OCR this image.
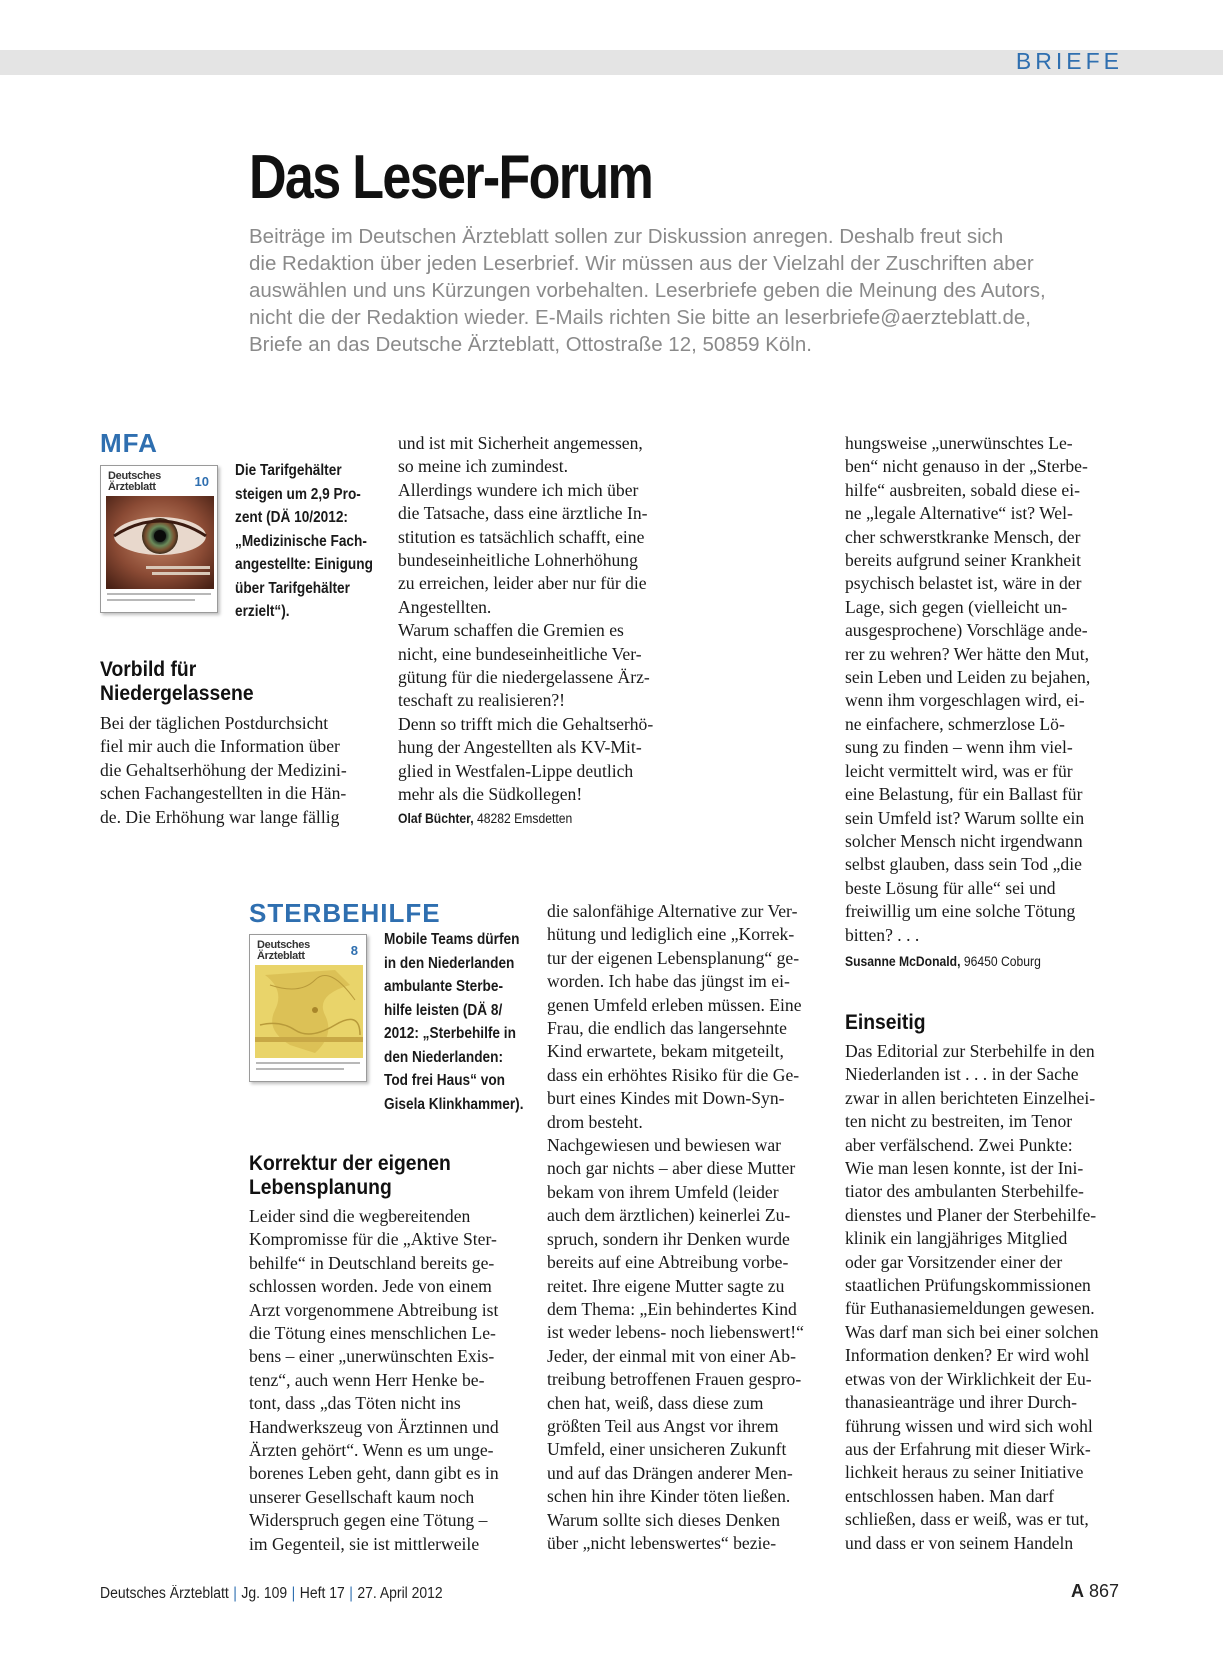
BRIEFE
Das Leser-Forum
Beiträge im Deutschen Ärzteblatt sollen zur Diskussion anregen. Deshalb freut sich
die Redaktion über jeden Leserbrief. Wir müssen aus der Vielzahl der Zuschriften aber
auswählen und uns Kürzungen vorbehalten. Leserbriefe geben die Meinung des Autors,
nicht die der Redaktion wieder. E-Mails richten Sie bitte an leserbriefe@aerzteblatt.de,
Briefe an das Deutsche Ärzteblatt, Ottostraße 12, 50859 Köln.
MFA
Deutsches
Ärzteblatt	10
Die Tarifgehälter
steigen um 2,9 Pro-
zent (DÄ 10/2012:
„Medizinische Fach-
angestellte: Einigung
über Tarifgehälter
erzielt“).
Vorbild für
Niedergelassene
Bei der täglichen Postdurchsicht
fiel mir auch die Information über
die Gehaltserhöhung der Medizini-
schen Fachangestellten in die Hän-
de. Die Erhöhung war lange fällig
und ist mit Sicherheit angemessen,
so meine ich zumindest.
Allerdings wundere ich mich über
die Tatsache, dass eine ärztliche In-
stitution es tatsächlich schafft, eine
bundeseinheitliche Lohnerhöhung
zu erreichen, leider aber nur für die
Angestellten.
Warum schaffen die Gremien es
nicht, eine bundeseinheitliche Ver-
gütung für die niedergelassene Ärz-
teschaft zu realisieren?!
Denn so trifft mich die Gehaltserhö-
hung der Angestellten als KV-Mit-
glied in Westfalen-Lippe deutlich
mehr als die Südkollegen!
Olaf Büchter, 48282 Emsdetten
hungsweise „unerwünschtes Le-
ben“ nicht genauso in der „Sterbe-
hilfe“ ausbreiten, sobald diese ei-
ne „legale Alternative“ ist? Wel-
cher schwerstkranke Mensch, der
bereits aufgrund seiner Krankheit
psychisch belastet ist, wäre in der
Lage, sich gegen (vielleicht un-
ausgesprochene) Vorschläge ande-
rer zu wehren? Wer hätte den Mut,
sein Leben und Leiden zu bejahen,
wenn ihm vorgeschlagen wird, ei-
ne einfachere, schmerzlose Lö-
sung zu finden – wenn ihm viel-
leicht vermittelt wird, was er für
eine Belastung, für ein Ballast für
sein Umfeld ist? Warum sollte ein
solcher Mensch nicht irgendwann
selbst glauben, dass sein Tod „die
beste Lösung für alle“ sei und
freiwillig um eine solche Tötung
bitten? . . .
Susanne McDonald, 96450 Coburg
STERBEHILFE
Deutsches
Ärzteblatt	8
Mobile Teams dürfen
in den Niederlanden
ambulante Sterbe-
hilfe leisten (DÄ 8/
2012: „Sterbehilfe in
den Niederlanden:
Tod frei Haus“ von
Gisela Klinkhammer).
Korrektur der eigenen
Lebensplanung
Leider sind die wegbereitenden
Kompromisse für die „Aktive Ster-
behilfe“ in Deutschland bereits ge-
schlossen worden. Jede von einem
Arzt vorgenommene Abtreibung ist
die Tötung eines menschlichen Le-
bens – einer „unerwünschten Exis-
tenz“, auch wenn Herr Henke be-
tont, dass „das Töten nicht ins
Handwerkszeug von Ärztinnen und
Ärzten gehört“. Wenn es um unge-
borenes Leben geht, dann gibt es in
unserer Gesellschaft kaum noch
Widerspruch gegen eine Tötung –
im Gegenteil, sie ist mittlerweile
die salonfähige Alternative zur Ver-
hütung und lediglich eine „Korrek-
tur der eigenen Lebensplanung“ ge-
worden. Ich habe das jüngst im ei-
genen Umfeld erleben müssen. Eine
Frau, die endlich das langersehnte
Kind erwartete, bekam mitgeteilt,
dass ein erhöhtes Risiko für die Ge-
burt eines Kindes mit Down-Syn-
drom besteht.
Nachgewiesen und bewiesen war
noch gar nichts – aber diese Mutter
bekam von ihrem Umfeld (leider
auch dem ärztlichen) keinerlei Zu-
spruch, sondern ihr Denken wurde
bereits auf eine Abtreibung vorbe-
reitet. Ihre eigene Mutter sagte zu
dem Thema: „Ein behindertes Kind
ist weder lebens- noch liebenswert!“
Jeder, der einmal mit von einer Ab-
treibung betroffenen Frauen gespro-
chen hat, weiß, dass diese zum
größten Teil aus Angst vor ihrem
Umfeld, einer unsicheren Zukunft
und auf das Drängen anderer Men-
schen hin ihre Kinder töten ließen.
Warum sollte sich dieses Denken
über „nicht lebenswertes“ bezie-
Einseitig
Das Editorial zur Sterbehilfe in den
Niederlanden ist . . . in der Sache
zwar in allen berichteten Einzelhei-
ten nicht zu bestreiten, im Tenor
aber verfälschend. Zwei Punkte:
Wie man lesen konnte, ist der Ini-
tiator des ambulanten Sterbehilfe-
dienstes und Planer der Sterbehilfe-
klinik ein langjähriges Mitglied
oder gar Vorsitzender einer der
staatlichen Prüfungskommissionen
für Euthanasiemeldungen gewesen.
Was darf man sich bei einer solchen
Information denken? Er wird wohl
etwas von der Wirklichkeit der Eu-
thanasieanträge und ihrer Durch-
führung wissen und wird sich wohl
aus der Erfahrung mit dieser Wirk-
lichkeit heraus zu seiner Initiative
entschlossen haben. Man darf
schließen, dass er weiß, was er tut,
und dass er von seinem Handeln
Deutsches Ärzteblatt | Jg. 109 | Heft 17 | 27. April 2012	A 867
